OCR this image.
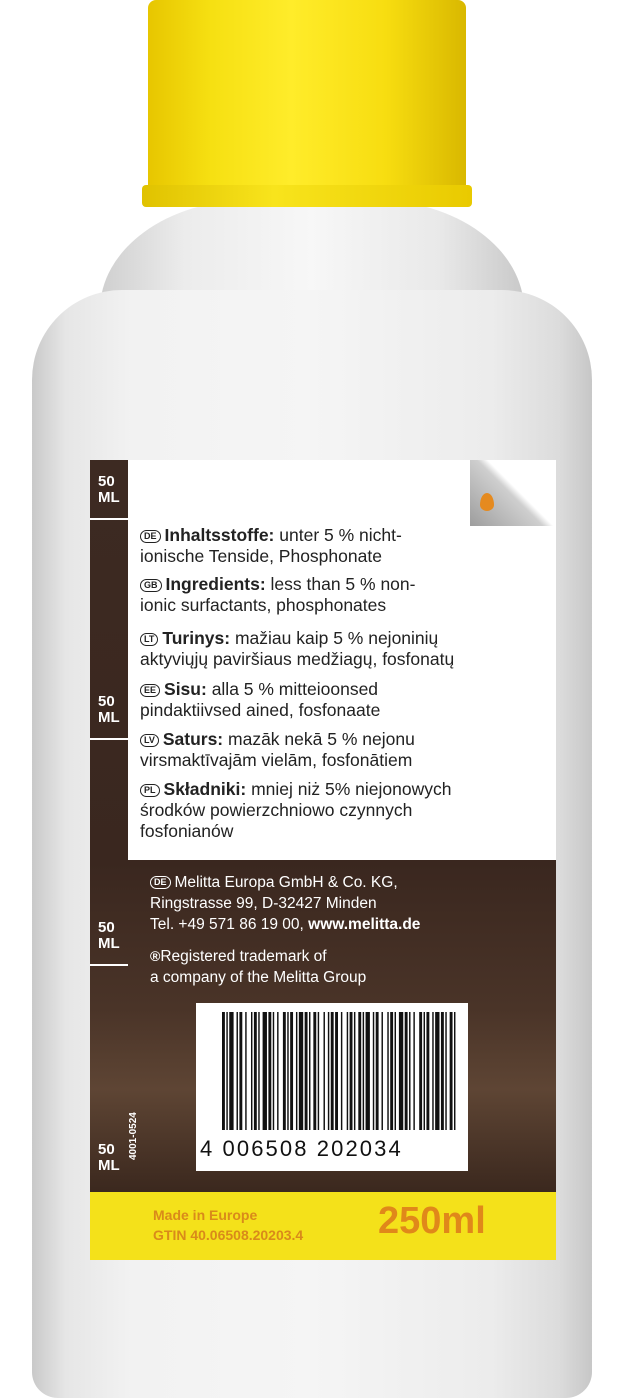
50
ML
50
ML
50
ML
50
ML
DE Inhaltsstoffe: unter 5 % nicht-
ionische Tenside, Phosphonate
GB Ingredients: less than 5 % non-
ionic surfactants, phosphonates
LT Turinys: mažiau kaip 5 % nejoninių
aktyviųjų paviršiaus medžiagų, fosfonatų
EE Sisu: alla 5 % mitteioonsed
pindaktiivsed ained, fosfonaate
LV Saturs: mazāk nekā 5 % nejonu
virsmaktīvajām vielām, fosfonātiem
PL Składniki: mniej niż 5% niejonowych
środków powierzchniowo czynnych
fosfonianów
DE Melitta Europa GmbH & Co. KG,
Ringstrasse 99, D-32427 Minden
Tel. +49 571 86 19 00, www.melitta.de
®Registered trademark of
a company of the Melitta Group
4 006508 202034
4001-0524
Made in Europe
GTIN 40.06508.20203.4 250ml
